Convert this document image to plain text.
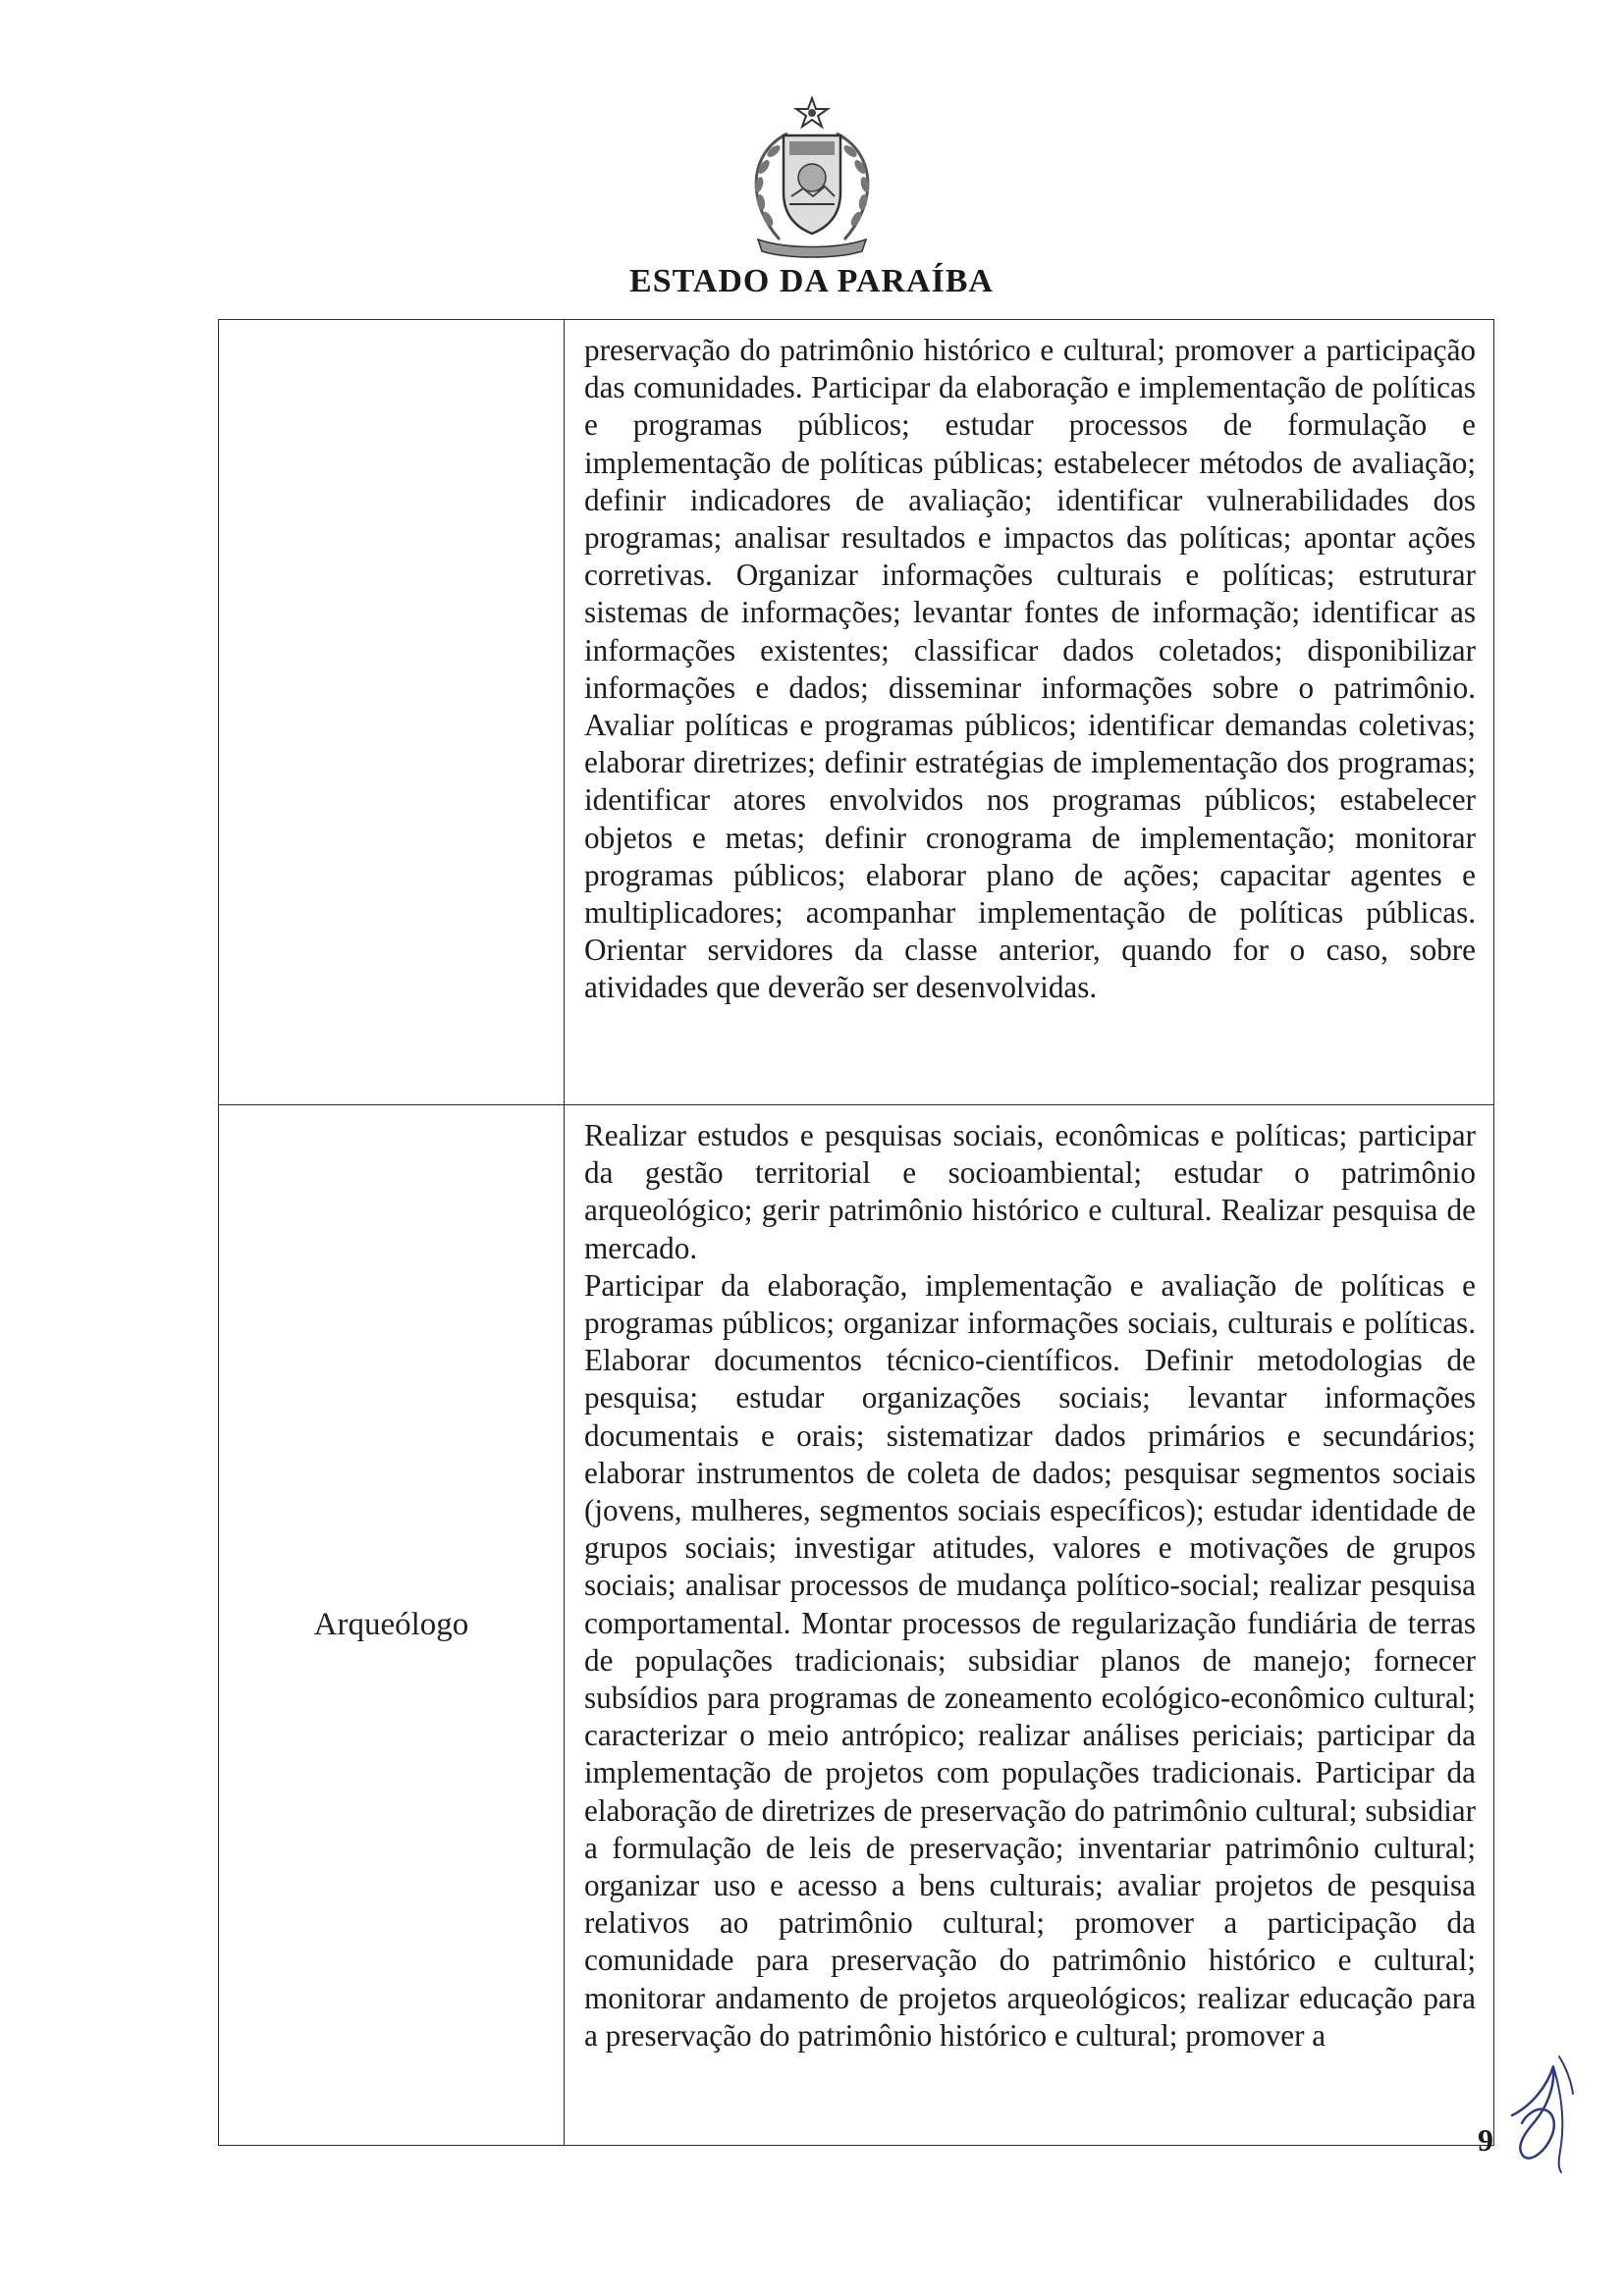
ESTADO DA PARAÍBA

	preservação do patrimônio histórico e cultural; promover a participação das comunidades. Participar da elaboração e implementação de políticas e programas públicos; estudar processos de formulação e implementação de políticas públicas; estabelecer métodos de avaliação; definir indicadores de avaliação; identificar vulnerabilidades dos programas; analisar resultados e impactos das políticas; apontar ações corretivas. Organizar informações culturais e políticas; estruturar sistemas de informações; levantar fontes de informação; identificar as informações existentes; classificar dados coletados; disponibilizar informações e dados; disseminar informações sobre o patrimônio. Avaliar políticas e programas públicos; identificar demandas coletivas; elaborar diretrizes; definir estratégias de implementação dos programas; identificar atores envolvidos nos programas públicos; estabelecer objetos e metas; definir cronograma de implementação; monitorar programas públicos; elaborar plano de ações; capacitar agentes e multiplicadores; acompanhar implementação de políticas públicas. Orientar servidores da classe anterior, quando for o caso, sobre atividades que deverão ser desenvolvidas.

Arqueólogo	Realizar estudos e pesquisas sociais, econômicas e políticas; participar da gestão territorial e socioambiental; estudar o patrimônio arqueológico; gerir patrimônio histórico e cultural. Realizar pesquisa de mercado.

Participar da elaboração, implementação e avaliação de políticas e programas públicos; organizar informações sociais, culturais e políticas. Elaborar documentos técnico-científicos. Definir metodologias de pesquisa; estudar organizações sociais; levantar informações documentais e orais; sistematizar dados primários e secundários; elaborar instrumentos de coleta de dados; pesquisar segmentos sociais (jovens, mulheres, segmentos sociais específicos); estudar identidade de grupos sociais; investigar atitudes, valores e motivações de grupos sociais; analisar processos de mudança político-social; realizar pesquisa comportamental. Montar processos de regularização fundiária de terras de populações tradicionais; subsidiar planos de manejo; fornecer subsídios para programas de zoneamento ecológico-econômico cultural; caracterizar o meio antrópico; realizar análises periciais; participar da implementação de projetos com populações tradicionais. Participar da elaboração de diretrizes de preservação do patrimônio cultural; subsidiar a formulação de leis de preservação; inventariar patrimônio cultural; organizar uso e acesso a bens culturais; avaliar projetos de pesquisa relativos ao patrimônio cultural; promover a participação da comunidade para preservação do patrimônio histórico e cultural; monitorar andamento de projetos arqueológicos; realizar educação para a preservação do patrimônio histórico e cultural; promover a

9
